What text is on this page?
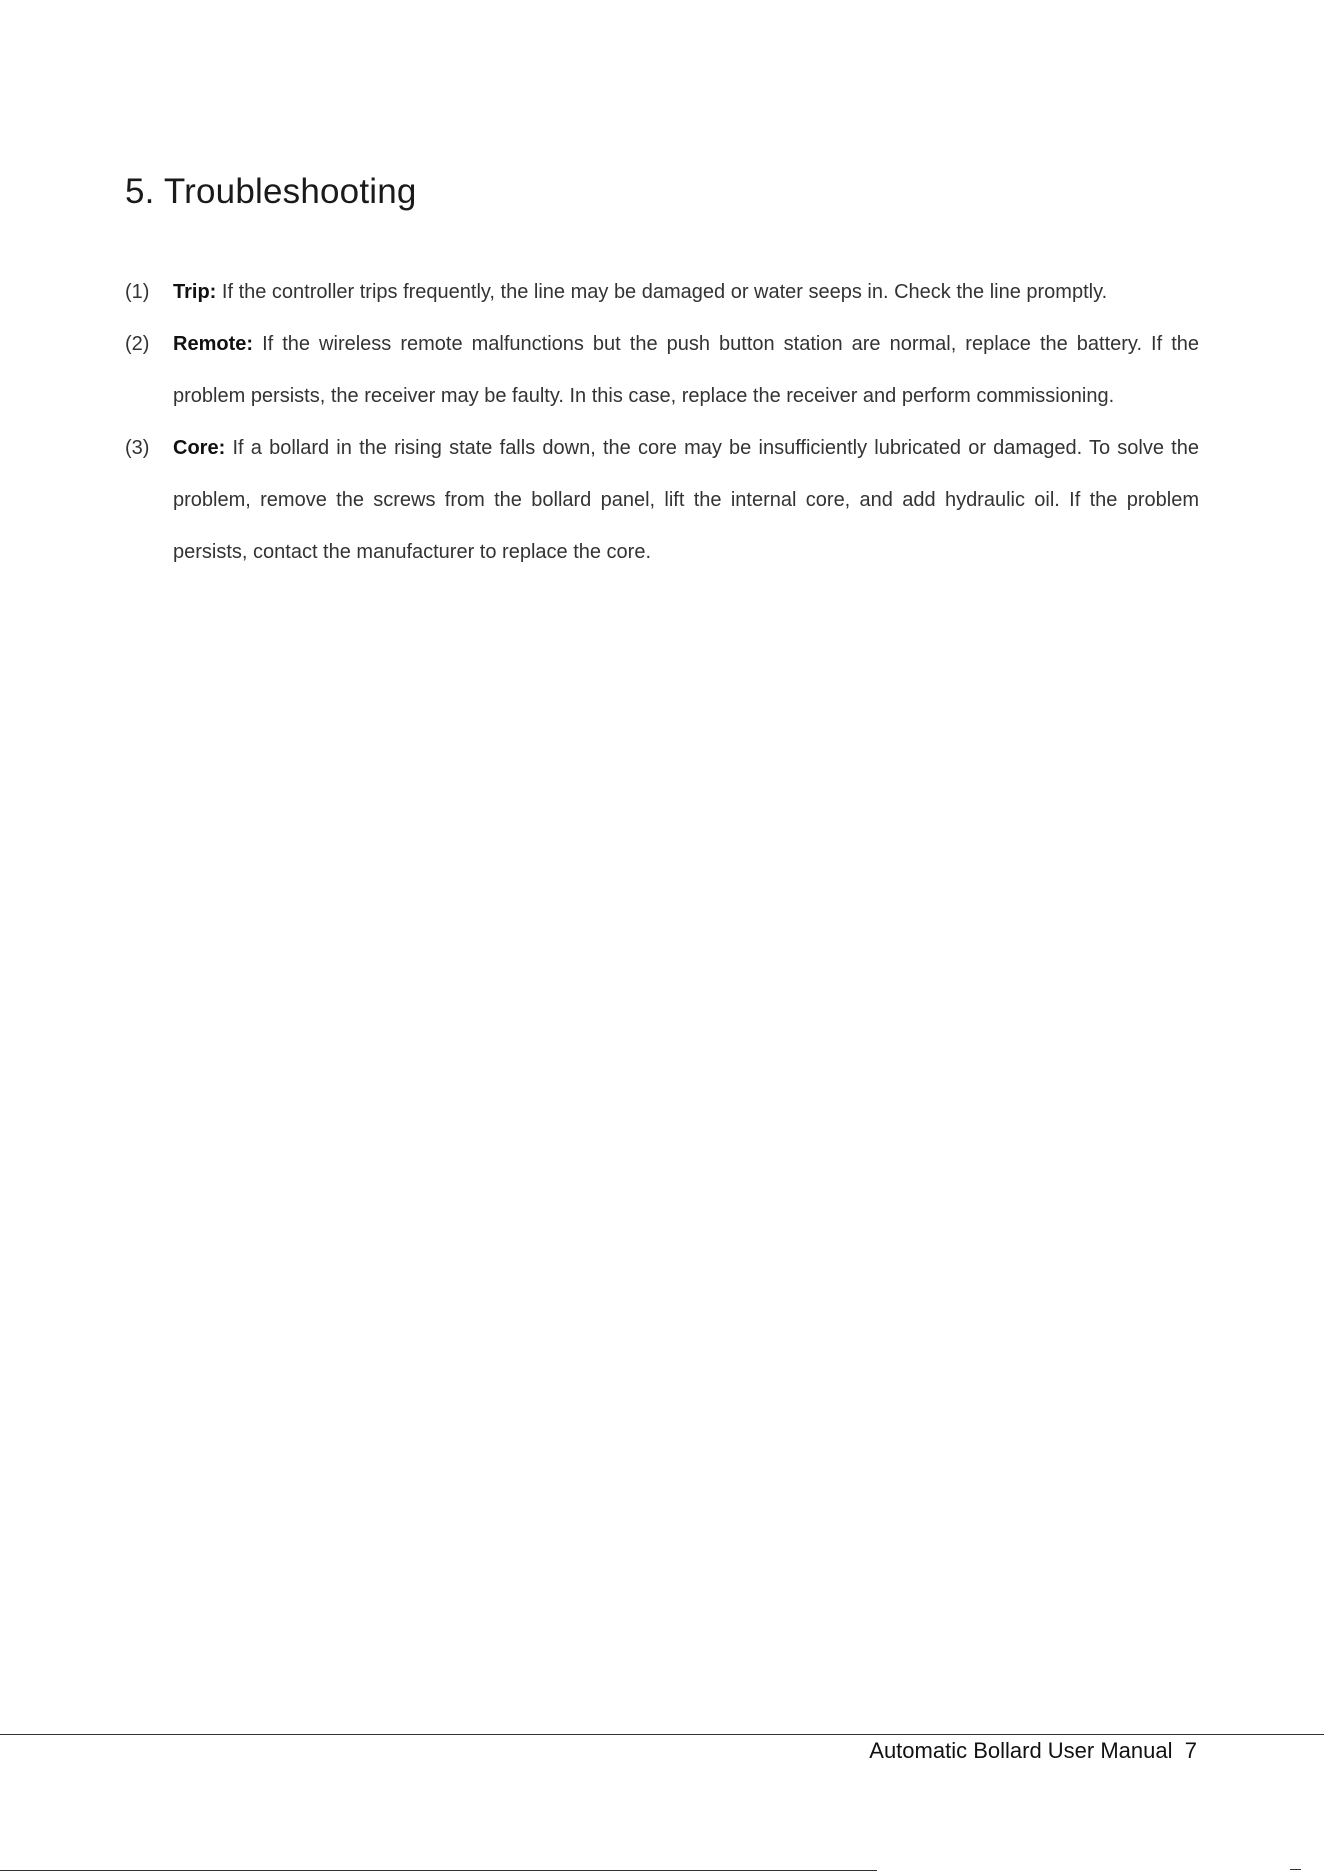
5. Troubleshooting
(1) Trip: If the controller trips frequently, the line may be damaged or water seeps in. Check the line promptly.
(2) Remote: If the wireless remote malfunctions but the push button station are normal, replace the battery. If the problem persists, the receiver may be faulty. In this case, replace the receiver and perform commissioning.
(3) Core: If a bollard in the rising state falls down, the core may be insufficiently lubricated or damaged. To solve the problem, remove the screws from the bollard panel, lift the internal core, and add hydraulic oil. If the problem persists, contact the manufacturer to replace the core.
Automatic Bollard User Manual 7
